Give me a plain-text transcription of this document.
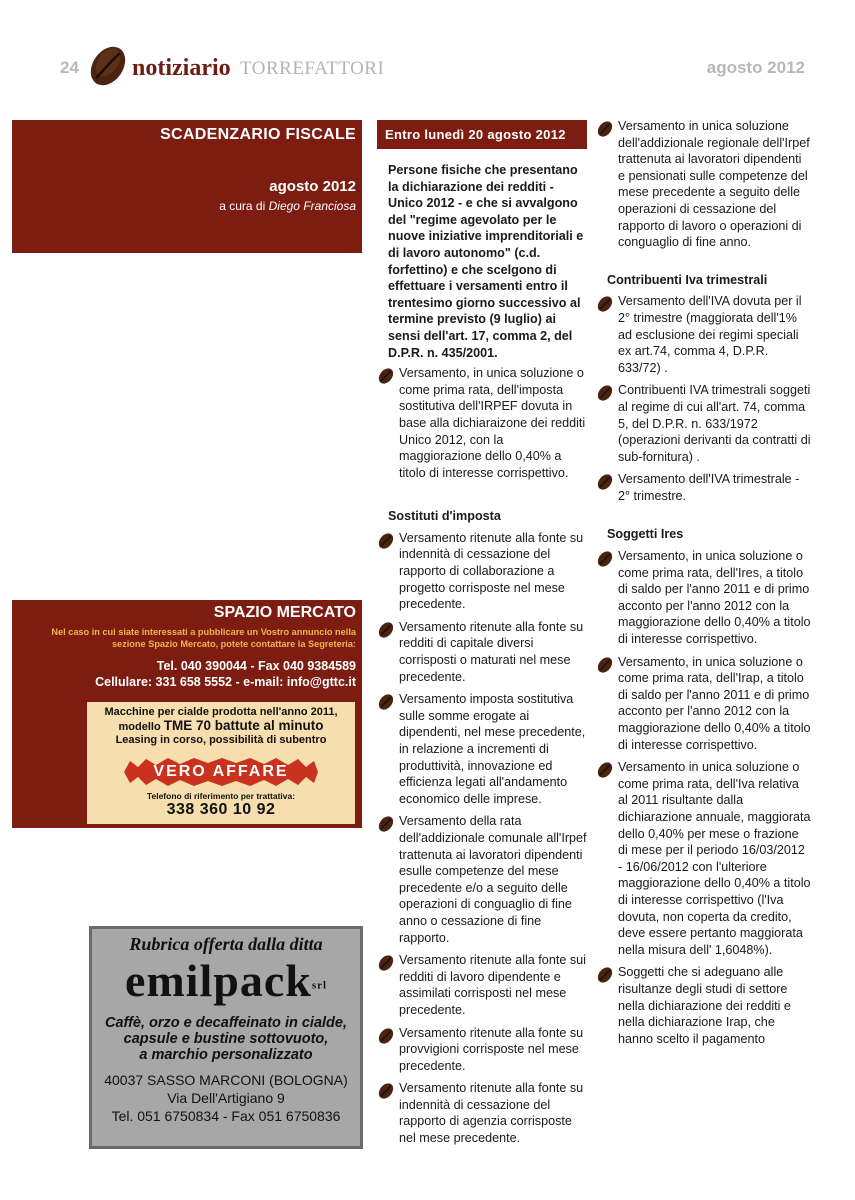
24 notiziario TORREFATTORI	agosto 2012
SCADENZARIO FISCALE
agosto 2012
a cura di Diego Franciosa
SPAZIO MERCATO
Nel caso in cui siate interessati a pubblicare un Vostro annuncio nella sezione Spazio Mercato, potete contattare la Segreteria:
Tel. 040 390044 - Fax 040 9384589
Cellulare: 331 658 5552 - e-mail: info@gttc.it
Macchine per cialde prodotta nell'anno 2011,
modello TME 70 battute al minuto
Leasing in corso, possibilità di subentro
VERO AFFARE
Telefono di riferimento per trattativa:
338 360 10 92
Rubrica offerta dalla ditta
emilpacksrl
Caffè, orzo e decaffeinato in cialde,
capsule e bustine sottovuoto,
a marchio personalizzato
40037 SASSO MARCONI (BOLOGNA)
Via Dell'Artigiano 9
Tel. 051 6750834 - Fax 051 6750836
Entro lunedì 20 agosto 2012
Persone fisiche che presentano la dichiarazione dei redditi - Unico 2012 - e che si avvalgono del "regime agevolato per le nuove iniziative imprenditoriali e di lavoro autonomo" (c.d. forfettino) e che scelgono di effettuare i versamenti entro il trentesimo giorno successivo al termine previsto (9 luglio) ai sensi dell'art. 17, comma 2, del D.P.R. n. 435/2001.
Versamento, in unica soluzione o come prima rata, dell'imposta sostitutiva dell'IRPEF dovuta in base alla dichiaraizone dei redditi Unico 2012, con la maggiorazione dello 0,40% a titolo di interesse corrispettivo.
Sostituti d'imposta
Versamento ritenute alla fonte su indennità di cessazione del rapporto di collaborazione a progetto corrisposte nel mese precedente.
Versamento ritenute alla fonte su redditi di capitale diversi corrisposti o maturati nel mese precedente.
Versamento imposta sostitutiva sulle somme erogate ai dipendenti, nel mese precedente, in relazione a incrementi di produttività, innovazione ed efficienza legati all'andamento economico delle imprese.
Versamento della rata dell'addizionale comunale all'Irpef trattenuta ai lavoratori dipendenti esulle competenze del mese precedente e/o a seguito delle operazioni di conguaglio di fine anno o cessazione di fine rapporto.
Versamento ritenute alla fonte sui redditi di lavoro dipendente e assimilati corrisposti nel mese precedente.
Versamento ritenute alla fonte su provvigioni corrisposte nel mese precedente.
Versamento ritenute alla fonte su indennità di cessazione del rapporto di agenzia corrisposte nel mese precedente.
Versamento in unica soluzione dell'addizionale regionale dell'Irpef trattenuta ai lavoratori dipendenti e pensionati sulle competenze del mese precedente a seguito delle operazioni di cessazione del rapporto di lavoro o operazioni di conguaglio di fine anno.
Contribuenti Iva trimestrali
Versamento dell'IVA dovuta per il 2° trimestre (maggiorata dell'1% ad esclusione dei regimi speciali ex art.74, comma 4, D.P.R. 633/72) .
Contribuenti IVA trimestrali soggeti al regime di cui all'art. 74, comma 5, del D.P.R. n. 633/1972 (operazioni derivanti da contratti di sub-fornitura) .
Versamento dell'IVA trimestrale - 2° trimestre.
Soggetti Ires
Versamento, in unica soluzione o come prima rata, dell'Ires, a titolo di saldo per l'anno 2011 e di primo acconto per l'anno 2012 con la maggiorazione dello 0,40% a titolo di interesse corrispettivo.
Versamento, in unica soluzione o come prima rata, dell'Irap, a titolo di saldo per l'anno 2011 e di primo acconto per l'anno 2012 con la maggiorazione dello 0,40% a titolo di interesse corrispettivo.
Versamento in unica soluzione o come prima rata, dell'Iva relativa al 2011 risultante dalla dichiarazione annuale, maggiorata dello 0,40% per mese o frazione di mese per il periodo 16/03/2012 - 16/06/2012 con l'ulteriore maggiorazione dello 0,40% a titolo di interesse corrispettivo (l'Iva dovuta, non coperta da credito, deve essere pertanto maggiorata nella misura dell' 1,6048%).
Soggetti che si adeguano alle risultanze degli studi di settore nella dichiarazione dei redditi e nella dichiarazione Irap, che hanno scelto il pagamento
